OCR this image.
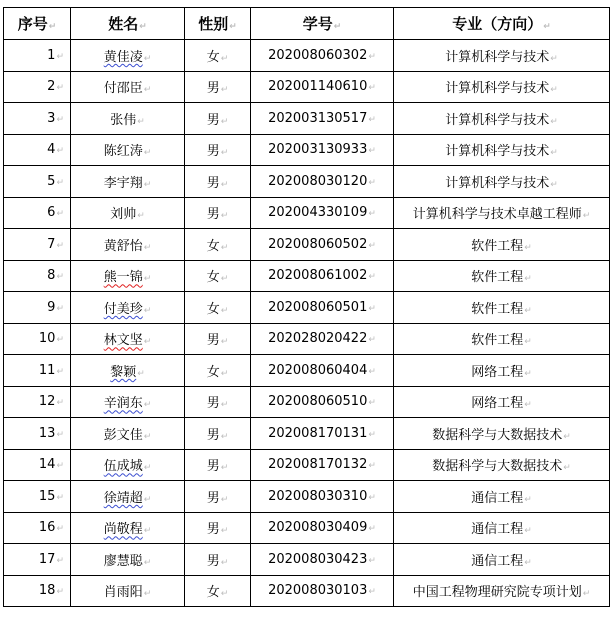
序号↵	姓名↵	性别↵	学号↵	专业（方向）↵
1↵	黄佳凌↵	女↵	202008060302↵	计算机科学与技术↵
2↵	付邵臣↵	男↵	202001140610↵	计算机科学与技术↵
3↵	张伟↵	男↵	202003130517↵	计算机科学与技术↵
4↵	陈红涛↵	男↵	202003130933↵	计算机科学与技术↵
5↵	李宇翔↵	男↵	202008030120↵	计算机科学与技术↵
6↵	刘帅↵	男↵	202004330109↵	计算机科学与技术卓越工程师↵
7↵	黄舒怡↵	女↵	202008060502↵	软件工程↵
8↵	熊一锦↵	女↵	202008061002↵	软件工程↵
9↵	付美珍↵	女↵	202008060501↵	软件工程↵
10↵	林文坚↵	男↵	202028020422↵	软件工程↵
11↵	黎颖↵	女↵	202008060404↵	网络工程↵
12↵	辛润东↵	男↵	202008060510↵	网络工程↵
13↵	彭文佳↵	男↵	202008170131↵	数据科学与大数据技术↵
14↵	伍成城↵	男↵	202008170132↵	数据科学与大数据技术↵
15↵	徐靖超↵	男↵	202008030310↵	通信工程↵
16↵	尚敬程↵	男↵	202008030409↵	通信工程↵
17↵	廖慧聪↵	男↵	202008030423↵	通信工程↵
18↵	肖雨阳↵	女↵	202008030103↵	中国工程物理研究院专项计划↵
